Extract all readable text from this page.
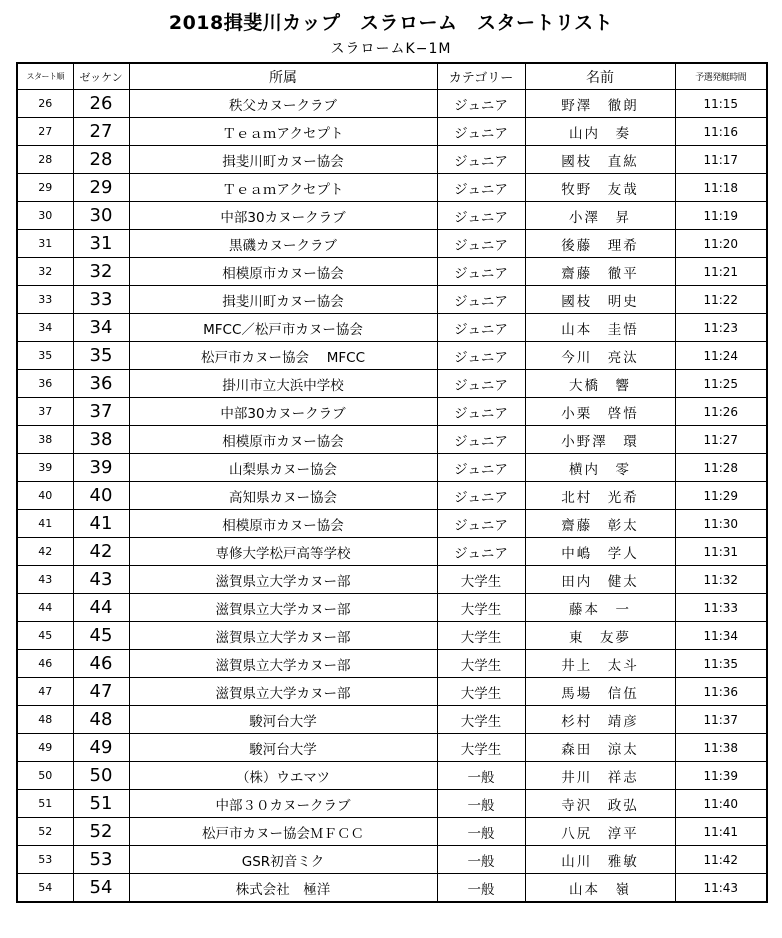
2018揖斐川カップ　スラローム　スタートリスト
スラロームK−1M
スタート順	ゼッケン	所属	カテゴリー	名前	予選発艇時間
26	26	秩父カヌークラブ	ジュニア	野澤　徹朗	11:15
27	27	Ｔｅａｍアクセプト	ジュニア	山内　奏	11:16
28	28	揖斐川町カヌー協会	ジュニア	國枝　直紘	11:17
29	29	Ｔｅａｍアクセプト	ジュニア	牧野　友哉	11:18
30	30	中部30カヌークラブ	ジュニア	小澤　昇	11:19
31	31	黒磯カヌークラブ	ジュニア	後藤　理希	11:20
32	32	相模原市カヌー協会	ジュニア	齋藤　徹平	11:21
33	33	揖斐川町カヌー協会	ジュニア	國枝　明史	11:22
34	34	MFCC／松戸市カヌー協会	ジュニア	山本　圭悟	11:23
35	35	松戸市カヌー協会　 MFCC	ジュニア	今川　亮汰	11:24
36	36	掛川市立大浜中学校	ジュニア	大橋　響	11:25
37	37	中部30カヌークラブ	ジュニア	小栗　啓悟	11:26
38	38	相模原市カヌー協会	ジュニア	小野澤　環	11:27
39	39	山梨県カヌー協会	ジュニア	横内　零	11:28
40	40	高知県カヌー協会	ジュニア	北村　光希	11:29
41	41	相模原市カヌー協会	ジュニア	齋藤　彰太	11:30
42	42	専修大学松戸高等学校	ジュニア	中嶋　学人	11:31
43	43	滋賀県立大学カヌー部	大学生	田内　健太	11:32
44	44	滋賀県立大学カヌー部	大学生	藤本　一	11:33
45	45	滋賀県立大学カヌー部	大学生	東　友夢	11:34
46	46	滋賀県立大学カヌー部	大学生	井上　太斗	11:35
47	47	滋賀県立大学カヌー部	大学生	馬場　信伍	11:36
48	48	駿河台大学	大学生	杉村　靖彦	11:37
49	49	駿河台大学	大学生	森田　涼太	11:38
50	50	（株）ウエマツ	一般	井川　祥志	11:39
51	51	中部３０カヌークラブ	一般	寺沢　政弘	11:40
52	52	松戸市カヌー協会ＭＦＣＣ	一般	八尻　淳平	11:41
53	53	GSR初音ミク	一般	山川　雅敏	11:42
54	54	株式会社　極洋	一般	山本　嶺	11:43
